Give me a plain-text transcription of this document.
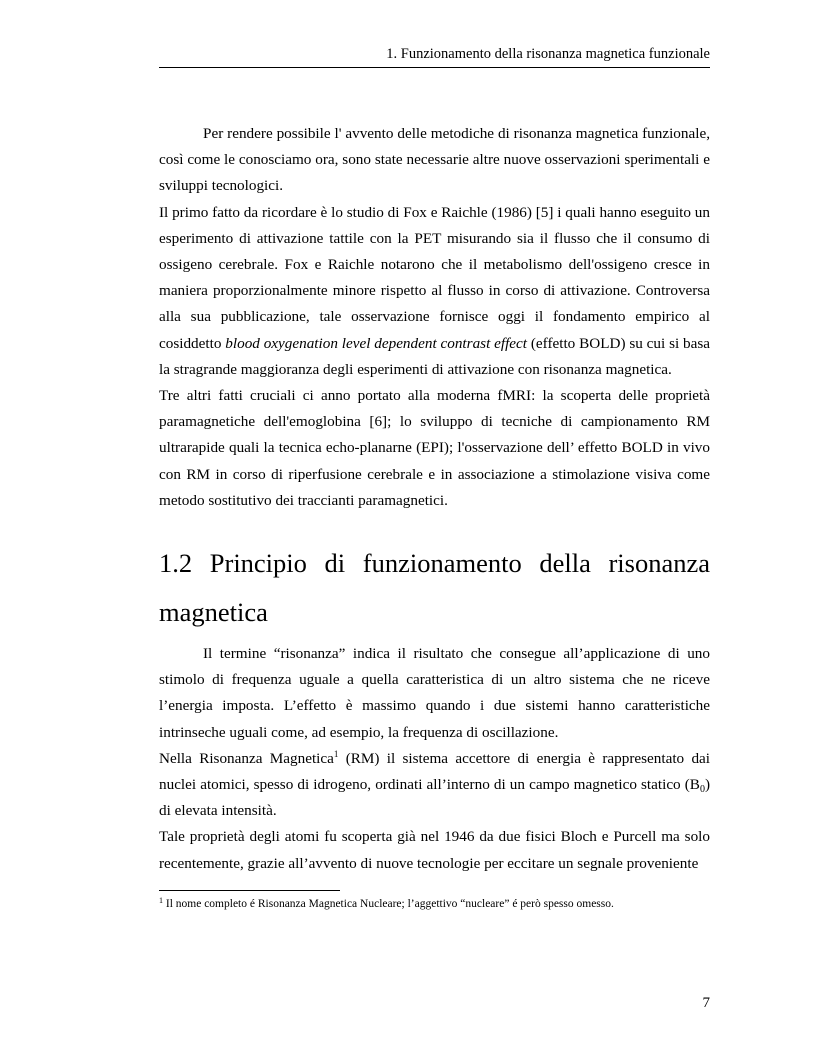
1. Funzionamento della risonanza magnetica funzionale

Per rendere possibile l' avvento delle metodiche di risonanza magnetica funzionale, così come le conosciamo ora, sono state necessarie altre nuove osservazioni sperimentali e sviluppi tecnologici.

Il primo fatto da ricordare è lo studio di Fox e Raichle (1986) [5] i quali hanno eseguito un esperimento di attivazione tattile con la PET misurando sia il flusso che il consumo di ossigeno cerebrale. Fox e Raichle notarono che il metabolismo dell'ossigeno cresce in maniera proporzionalmente minore rispetto al flusso in corso di attivazione. Controversa alla sua pubblicazione, tale osservazione fornisce oggi il fondamento empirico al cosiddetto blood oxygenation level dependent contrast effect (effetto BOLD) su cui si basa la stragrande maggioranza degli esperimenti di attivazione con risonanza magnetica.

Tre altri fatti cruciali ci anno portato alla moderna fMRI: la scoperta delle proprietà paramagnetiche dell'emoglobina [6]; lo sviluppo di tecniche di campionamento RM ultrarapide quali la tecnica echo-planarne (EPI); l'osservazione dell’ effetto BOLD in vivo con RM in corso di riperfusione cerebrale e in associazione a stimolazione visiva come metodo sostitutivo dei traccianti paramagnetici.

1.2 Principio di funzionamento della risonanza magnetica

Il termine “risonanza” indica il risultato che consegue all’applicazione di uno stimolo di frequenza uguale a quella caratteristica di un altro sistema che ne riceve l’energia imposta. L’effetto è massimo quando i due sistemi hanno caratteristiche intrinseche uguali come, ad esempio, la frequenza di oscillazione.

Nella Risonanza Magnetica$^1$ (RM) il sistema accettore di energia è rappresentato dai nuclei atomici, spesso di idrogeno, ordinati all’interno di un campo magnetico statico $(B_0)$ di elevata intensità.

Tale proprietà degli atomi fu scoperta già nel 1946 da due fisici Bloch e Purcell ma solo recentemente, grazie all’avvento di nuove tecnologie per eccitare un segnale proveniente

$^1$ Il nome completo é Risonanza Magnetica Nucleare; l’aggettivo “nucleare” é però spesso omesso.
7
